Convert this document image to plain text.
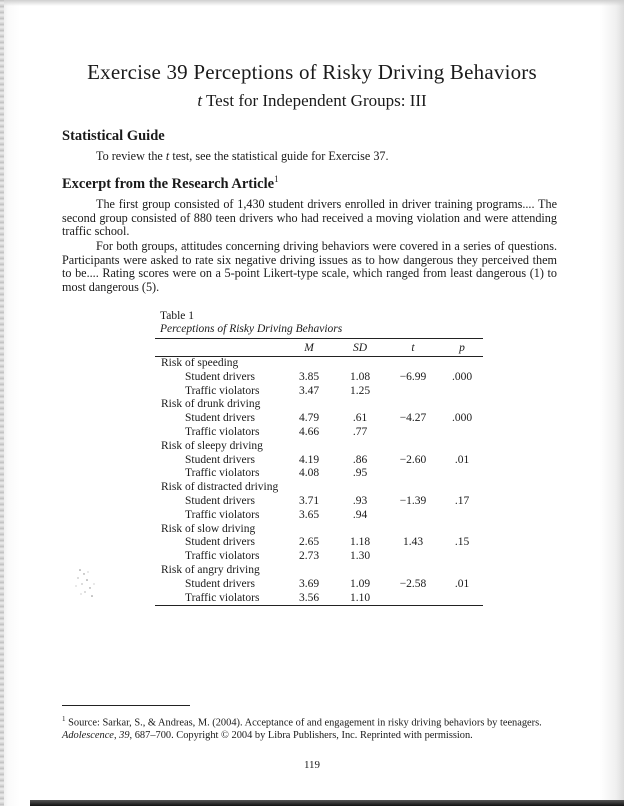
Exercise 39 Perceptions of Risky Driving Behaviors
t Test for Independent Groups: III
Statistical Guide
To review the t test, see the statistical guide for Exercise 37.
Excerpt from the Research Article$^1$
The first group consisted of 1,430 student drivers enrolled in driver training programs.... The second group consisted of 880 teen drivers who had received a moving violation and were attending traffic school.
For both groups, attitudes concerning driving behaviors were covered in a series of questions. Participants were asked to rate six negative driving issues as to how dangerous they perceived them to be.... Rating scores were on a 5-point Likert-type scale, which ranged from least dangerous (1) to most dangerous (5).
Table 1
Perceptions of Risky Driving Behaviors
	M	SD	t	p
Risk of speeding				
Student drivers	3.85	1.08	−6.99	.000
Traffic violators	3.47	1.25		
Risk of drunk driving				
Student drivers	4.79	.61	−4.27	.000
Traffic violators	4.66	.77		
Risk of sleepy driving				
Student drivers	4.19	.86	−2.60	.01
Traffic violators	4.08	.95		
Risk of distracted driving				
Student drivers	3.71	.93	−1.39	.17
Traffic violators	3.65	.94		
Risk of slow driving				
Student drivers	2.65	1.18	1.43	.15
Traffic violators	2.73	1.30		
Risk of angry driving				
Student drivers	3.69	1.09	−2.58	.01
Traffic violators	3.56	1.10		
$^1$ Source: Sarkar, S., & Andreas, M. (2004). Acceptance of and engagement in risky driving behaviors by teenagers. Adolescence, 39, 687–700. Copyright © 2004 by Libra Publishers, Inc. Reprinted with permission.
119
